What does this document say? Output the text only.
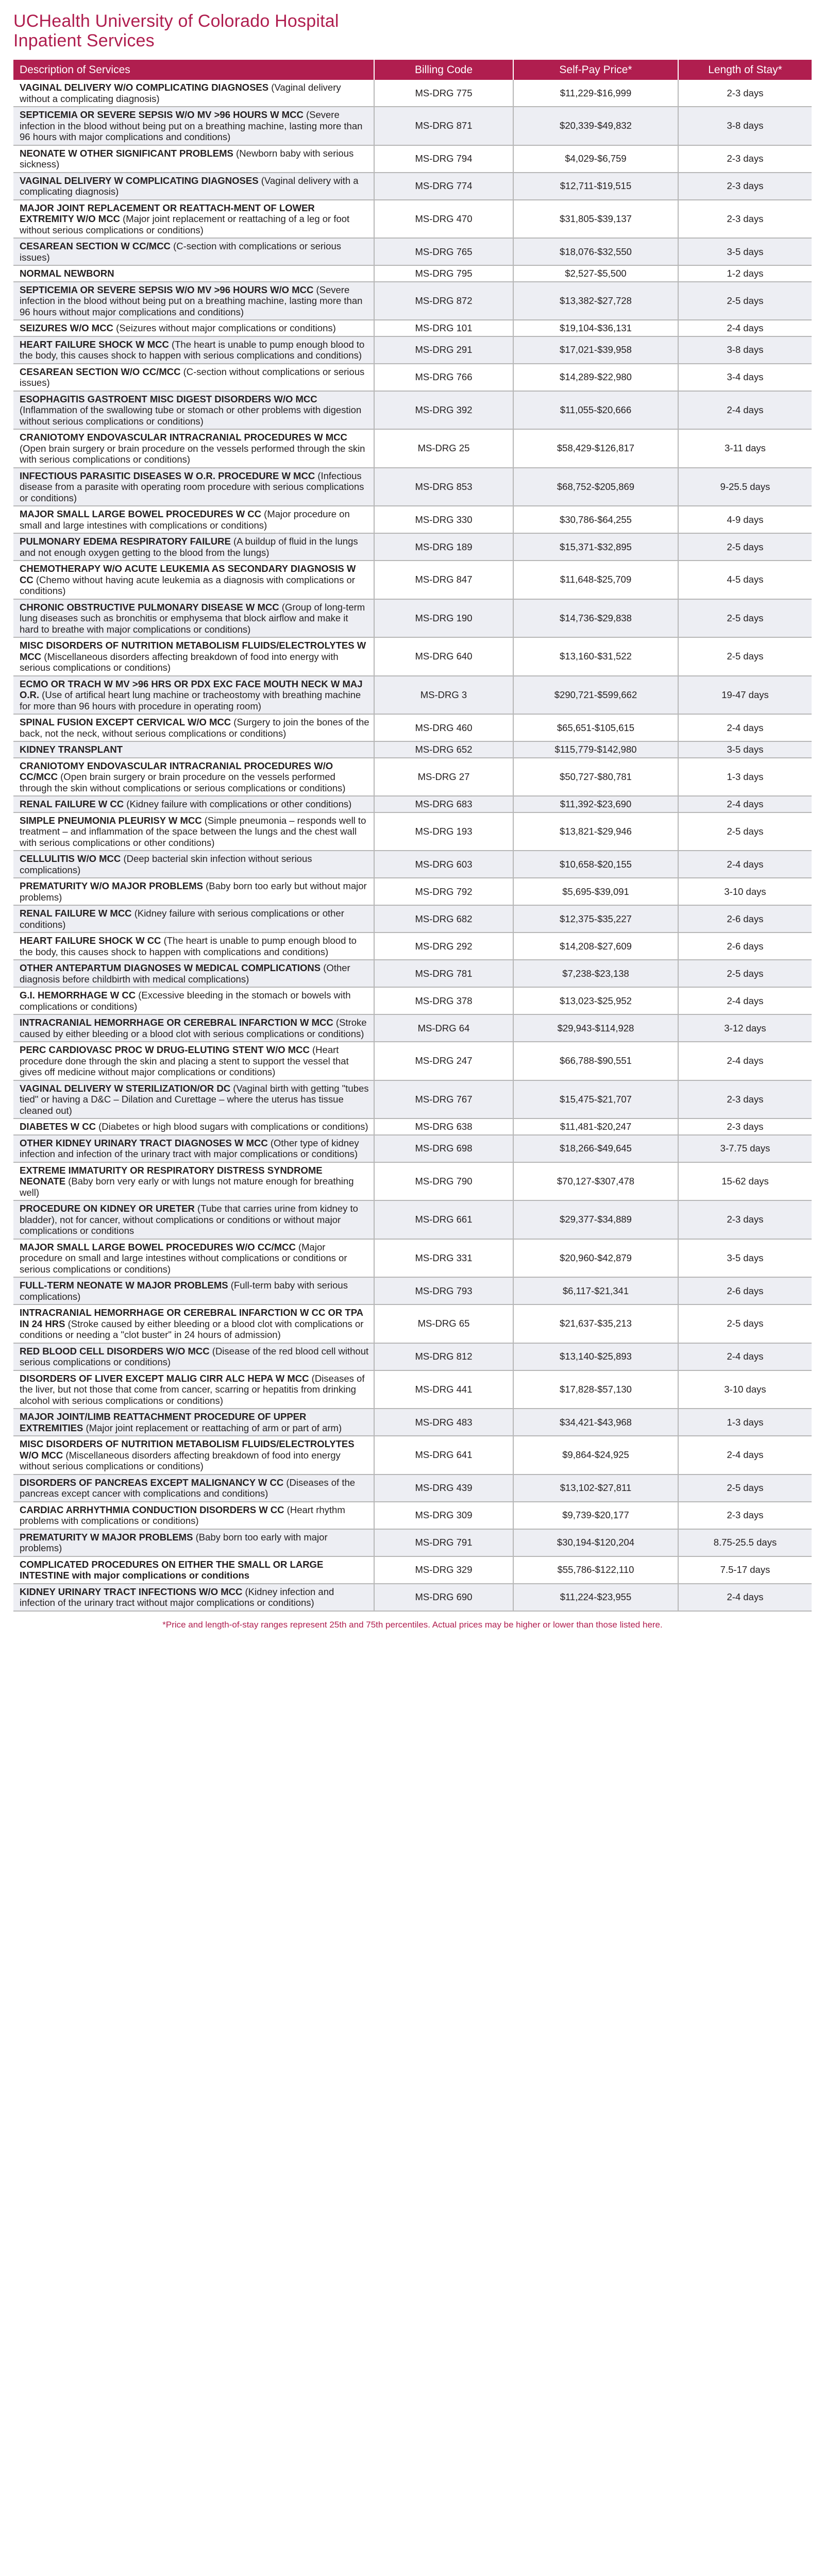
UCHealth University of Colorado Hospital
Inpatient Services
Description of Services	Billing Code	Self-Pay Price*	Length of Stay*
VAGINAL DELIVERY W/O COMPLICATING DIAGNOSES (Vaginal delivery without a complicating diagnosis)	MS-DRG 775	$11,229-$16,999	2-3 days
SEPTICEMIA OR SEVERE SEPSIS W/O MV >96 HOURS W MCC (Severe infection in the blood without being put on a breathing machine, lasting more than 96 hours with major complications and conditions)	MS-DRG 871	$20,339-$49,832	3-8 days
NEONATE W OTHER SIGNIFICANT PROBLEMS (Newborn baby with serious sickness)	MS-DRG 794	$4,029-$6,759	2-3 days
VAGINAL DELIVERY W COMPLICATING DIAGNOSES (Vaginal delivery with a complicating diagnosis)	MS-DRG 774	$12,711-$19,515	2-3 days
MAJOR JOINT REPLACEMENT OR REATTACH-MENT OF LOWER EXTREMITY W/O MCC (Major joint replacement or reattaching of a leg or foot without serious complications or conditions)	MS-DRG 470	$31,805-$39,137	2-3 days
CESAREAN SECTION W CC/MCC (C-section with complications or serious issues)	MS-DRG 765	$18,076-$32,550	3-5 days
NORMAL NEWBORN	MS-DRG 795	$2,527-$5,500	1-2 days
SEPTICEMIA OR SEVERE SEPSIS W/O MV >96 HOURS W/O MCC (Severe infection in the blood without being put on a breathing machine, lasting more than 96 hours without major complications and conditions)	MS-DRG 872	$13,382-$27,728	2-5 days
SEIZURES W/O MCC (Seizures without major complications or conditions)	MS-DRG 101	$19,104-$36,131	2-4 days
HEART FAILURE SHOCK W MCC (The heart is unable to pump enough blood to the body, this causes shock to happen with serious complications and conditions)	MS-DRG 291	$17,021-$39,958	3-8 days
CESAREAN SECTION W/O CC/MCC (C-section without complications or serious issues)	MS-DRG 766	$14,289-$22,980	3-4 days
ESOPHAGITIS GASTROENT MISC DIGEST DISORDERS W/O MCC (Inflammation of the swallowing tube or stomach or other problems with digestion without serious complications or conditions)	MS-DRG 392	$11,055-$20,666	2-4 days
CRANIOTOMY ENDOVASCULAR INTRACRANIAL PROCEDURES W MCC (Open brain surgery or brain procedure on the vessels performed through the skin with serious complications or conditions)	MS-DRG 25	$58,429-$126,817	3-11 days
INFECTIOUS PARASITIC DISEASES W O.R. PROCEDURE W MCC (Infectious disease from a parasite with operating room procedure with serious complications or conditions)	MS-DRG 853	$68,752-$205,869	9-25.5 days
MAJOR SMALL LARGE BOWEL PROCEDURES W CC (Major procedure on small and large intestines with complications or conditions)	MS-DRG 330	$30,786-$64,255	4-9 days
PULMONARY EDEMA RESPIRATORY FAILURE (A buildup of fluid in the lungs and not enough oxygen getting to the blood from the lungs)	MS-DRG 189	$15,371-$32,895	2-5 days
CHEMOTHERAPY W/O ACUTE LEUKEMIA AS SECONDARY DIAGNOSIS W CC (Chemo without having acute leukemia as a diagnosis with complications or conditions)	MS-DRG 847	$11,648-$25,709	4-5 days
CHRONIC OBSTRUCTIVE PULMONARY DISEASE W MCC (Group of long-term lung diseases such as bronchitis or emphysema that block airflow and make it hard to breathe with major complications or conditions)	MS-DRG 190	$14,736-$29,838	2-5 days
MISC DISORDERS OF NUTRITION METABOLISM FLUIDS/ELECTROLYTES W MCC (Miscellaneous disorders affecting breakdown of food into energy with serious complications or conditions)	MS-DRG 640	$13,160-$31,522	2-5 days
ECMO OR TRACH W MV >96 HRS OR PDX EXC FACE MOUTH NECK W MAJ O.R. (Use of artifical heart lung machine or tracheostomy with breathing machine for more than 96 hours with procedure in operating room)	MS-DRG 3	$290,721-$599,662	19-47 days
SPINAL FUSION EXCEPT CERVICAL W/O MCC (Surgery to join the bones of the back, not the neck, without serious complications or conditions)	MS-DRG 460	$65,651-$105,615	2-4 days
KIDNEY TRANSPLANT	MS-DRG 652	$115,779-$142,980	3-5 days
CRANIOTOMY ENDOVASCULAR INTRACRANIAL PROCEDURES W/O CC/MCC (Open brain surgery or brain procedure on the vessels performed through the skin without complications or serious complications or conditions)	MS-DRG 27	$50,727-$80,781	1-3 days
RENAL FAILURE W CC (Kidney failure with complications or other conditions)	MS-DRG 683	$11,392-$23,690	2-4 days
SIMPLE PNEUMONIA PLEURISY W MCC (Simple pneumonia – responds well to treatment – and inflammation of the space between the lungs and the chest wall with serious complications or other conditions)	MS-DRG 193	$13,821-$29,946	2-5 days
CELLULITIS W/O MCC (Deep bacterial skin infection without serious complications)	MS-DRG 603	$10,658-$20,155	2-4 days
PREMATURITY W/O MAJOR PROBLEMS (Baby born too early but without major problems)	MS-DRG 792	$5,695-$39,091	3-10 days
RENAL FAILURE W MCC (Kidney failure with serious complications or other conditions)	MS-DRG 682	$12,375-$35,227	2-6 days
HEART FAILURE SHOCK W CC (The heart is unable to pump enough blood to the body, this causes shock to happen with complications and conditions)	MS-DRG 292	$14,208-$27,609	2-6 days
OTHER ANTEPARTUM DIAGNOSES W MEDICAL COMPLICATIONS (Other diagnosis before childbirth with medical complications)	MS-DRG 781	$7,238-$23,138	2-5 days
G.I. HEMORRHAGE W CC (Excessive bleeding in the stomach or bowels with complications or conditions)	MS-DRG 378	$13,023-$25,952	2-4 days
INTRACRANIAL HEMORRHAGE OR CEREBRAL INFARCTION W MCC (Stroke caused by either bleeding or a blood clot with serious complications or conditions)	MS-DRG 64	$29,943-$114,928	3-12 days
PERC CARDIOVASC PROC W DRUG-ELUTING STENT W/O MCC (Heart procedure done through the skin and placing a stent to support the vessel that gives off medicine without major complications or conditions)	MS-DRG 247	$66,788-$90,551	2-4 days
VAGINAL DELIVERY W STERILIZATION/OR DC (Vaginal birth with getting "tubes tied" or having a D&C – Dilation and Curettage – where the uterus has tissue cleaned out)	MS-DRG 767	$15,475-$21,707	2-3 days
DIABETES W CC (Diabetes or high blood sugars with complications or conditions)	MS-DRG 638	$11,481-$20,247	2-3 days
OTHER KIDNEY URINARY TRACT DIAGNOSES W MCC (Other type of kidney infection and infection of the urinary tract with major complications or conditions)	MS-DRG 698	$18,266-$49,645	3-7.75 days
EXTREME IMMATURITY OR RESPIRATORY DISTRESS SYNDROME NEONATE (Baby born very early or with lungs not mature enough for breathing well)	MS-DRG 790	$70,127-$307,478	15-62 days
PROCEDURE ON KIDNEY OR URETER (Tube that carries urine from kidney to bladder), not for cancer, without complications or conditions or without major complications or conditions	MS-DRG 661	$29,377-$34,889	2-3 days
MAJOR SMALL LARGE BOWEL PROCEDURES W/O CC/MCC (Major procedure on small and large intestines without complications or conditions or serious complications or conditions)	MS-DRG 331	$20,960-$42,879	3-5 days
FULL-TERM NEONATE W MAJOR PROBLEMS (Full-term baby with serious complications)	MS-DRG 793	$6,117-$21,341	2-6 days
INTRACRANIAL HEMORRHAGE OR CEREBRAL INFARCTION W CC OR TPA IN 24 HRS (Stroke caused by either bleeding or a blood clot with complications or conditions or needing a "clot buster" in 24 hours of admission)	MS-DRG 65	$21,637-$35,213	2-5 days
RED BLOOD CELL DISORDERS W/O MCC (Disease of the red blood cell without serious complications or conditions)	MS-DRG 812	$13,140-$25,893	2-4 days
DISORDERS OF LIVER EXCEPT MALIG CIRR ALC HEPA W MCC (Diseases of the liver, but not those that come from cancer, scarring or hepatitis from drinking alcohol with serious complications or conditions)	MS-DRG 441	$17,828-$57,130	3-10 days
MAJOR JOINT/LIMB REATTACHMENT PROCEDURE OF UPPER EXTREMITIES (Major joint replacement or reattaching of arm or part of arm)	MS-DRG 483	$34,421-$43,968	1-3 days
MISC DISORDERS OF NUTRITION METABOLISM FLUIDS/ELECTROLYTES W/O MCC (Miscellaneous disorders affecting breakdown of food into energy without serious complications or conditions)	MS-DRG 641	$9,864-$24,925	2-4 days
DISORDERS OF PANCREAS EXCEPT MALIGNANCY W CC (Diseases of the pancreas except cancer with complications and conditions)	MS-DRG 439	$13,102-$27,811	2-5 days
CARDIAC ARRHYTHMIA CONDUCTION DISORDERS W CC (Heart rhythm problems with complications or conditions)	MS-DRG 309	$9,739-$20,177	2-3 days
PREMATURITY W MAJOR PROBLEMS (Baby born too early with major problems)	MS-DRG 791	$30,194-$120,204	8.75-25.5 days
COMPLICATED PROCEDURES ON EITHER THE SMALL OR LARGE INTESTINE with major complications or conditions	MS-DRG 329	$55,786-$122,110	7.5-17 days
KIDNEY URINARY TRACT INFECTIONS W/O MCC (Kidney infection and infection of the urinary tract without major complications or conditions)	MS-DRG 690	$11,224-$23,955	2-4 days
*Price and length-of-stay ranges represent 25th and 75th percentiles. Actual prices may be higher or lower than those listed here.
